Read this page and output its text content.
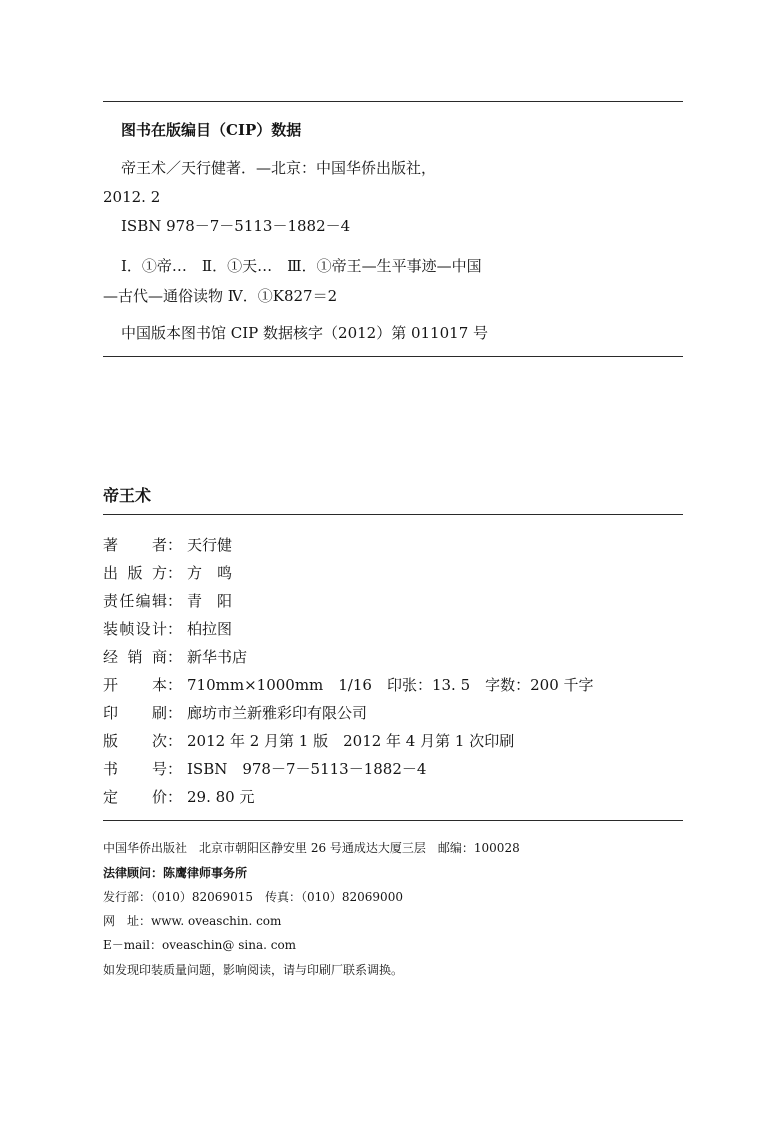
图书在版编目（CIP）数据
帝王术／天行健著．—北京：中国华侨出版社，
2012. 2
ISBN 978－7－5113－1882－4
Ⅰ．①帝…　Ⅱ．①天…　Ⅲ．①帝王—生平事迹—中国
—古代—通俗读物 Ⅳ．①K827＝2
中国版本图书馆 CIP 数据核字（2012）第 011017 号
帝王术
著 者 ： 天行健
出 版 方 ： 方　鸣
责 任 编 辑 ： 青　阳
装 帧 设 计 ： 柏拉图
经 销 商 ： 新华书店
开 本 ： 710mm×1000mm　1/16　印张：13. 5　字数：200 千字
印 刷 ： 廊坊市兰新雅彩印有限公司
版 次 ： 2012 年 2 月第 1 版　2012 年 4 月第 1 次印刷
书 号 ： ISBN　978－7－5113－1882－4
定 价 ： 29. 80 元
中国华侨出版社　北京市朝阳区静安里 26 号通成达大厦三层　邮编：100028
法律顾问：陈鹰律师事务所
发行部：（010）82069015　传真：（010）82069000
网　址：www. oveaschin. com
E－mail：oveaschin@ sina. com
如发现印装质量问题，影响阅读，请与印刷厂联系调换。
